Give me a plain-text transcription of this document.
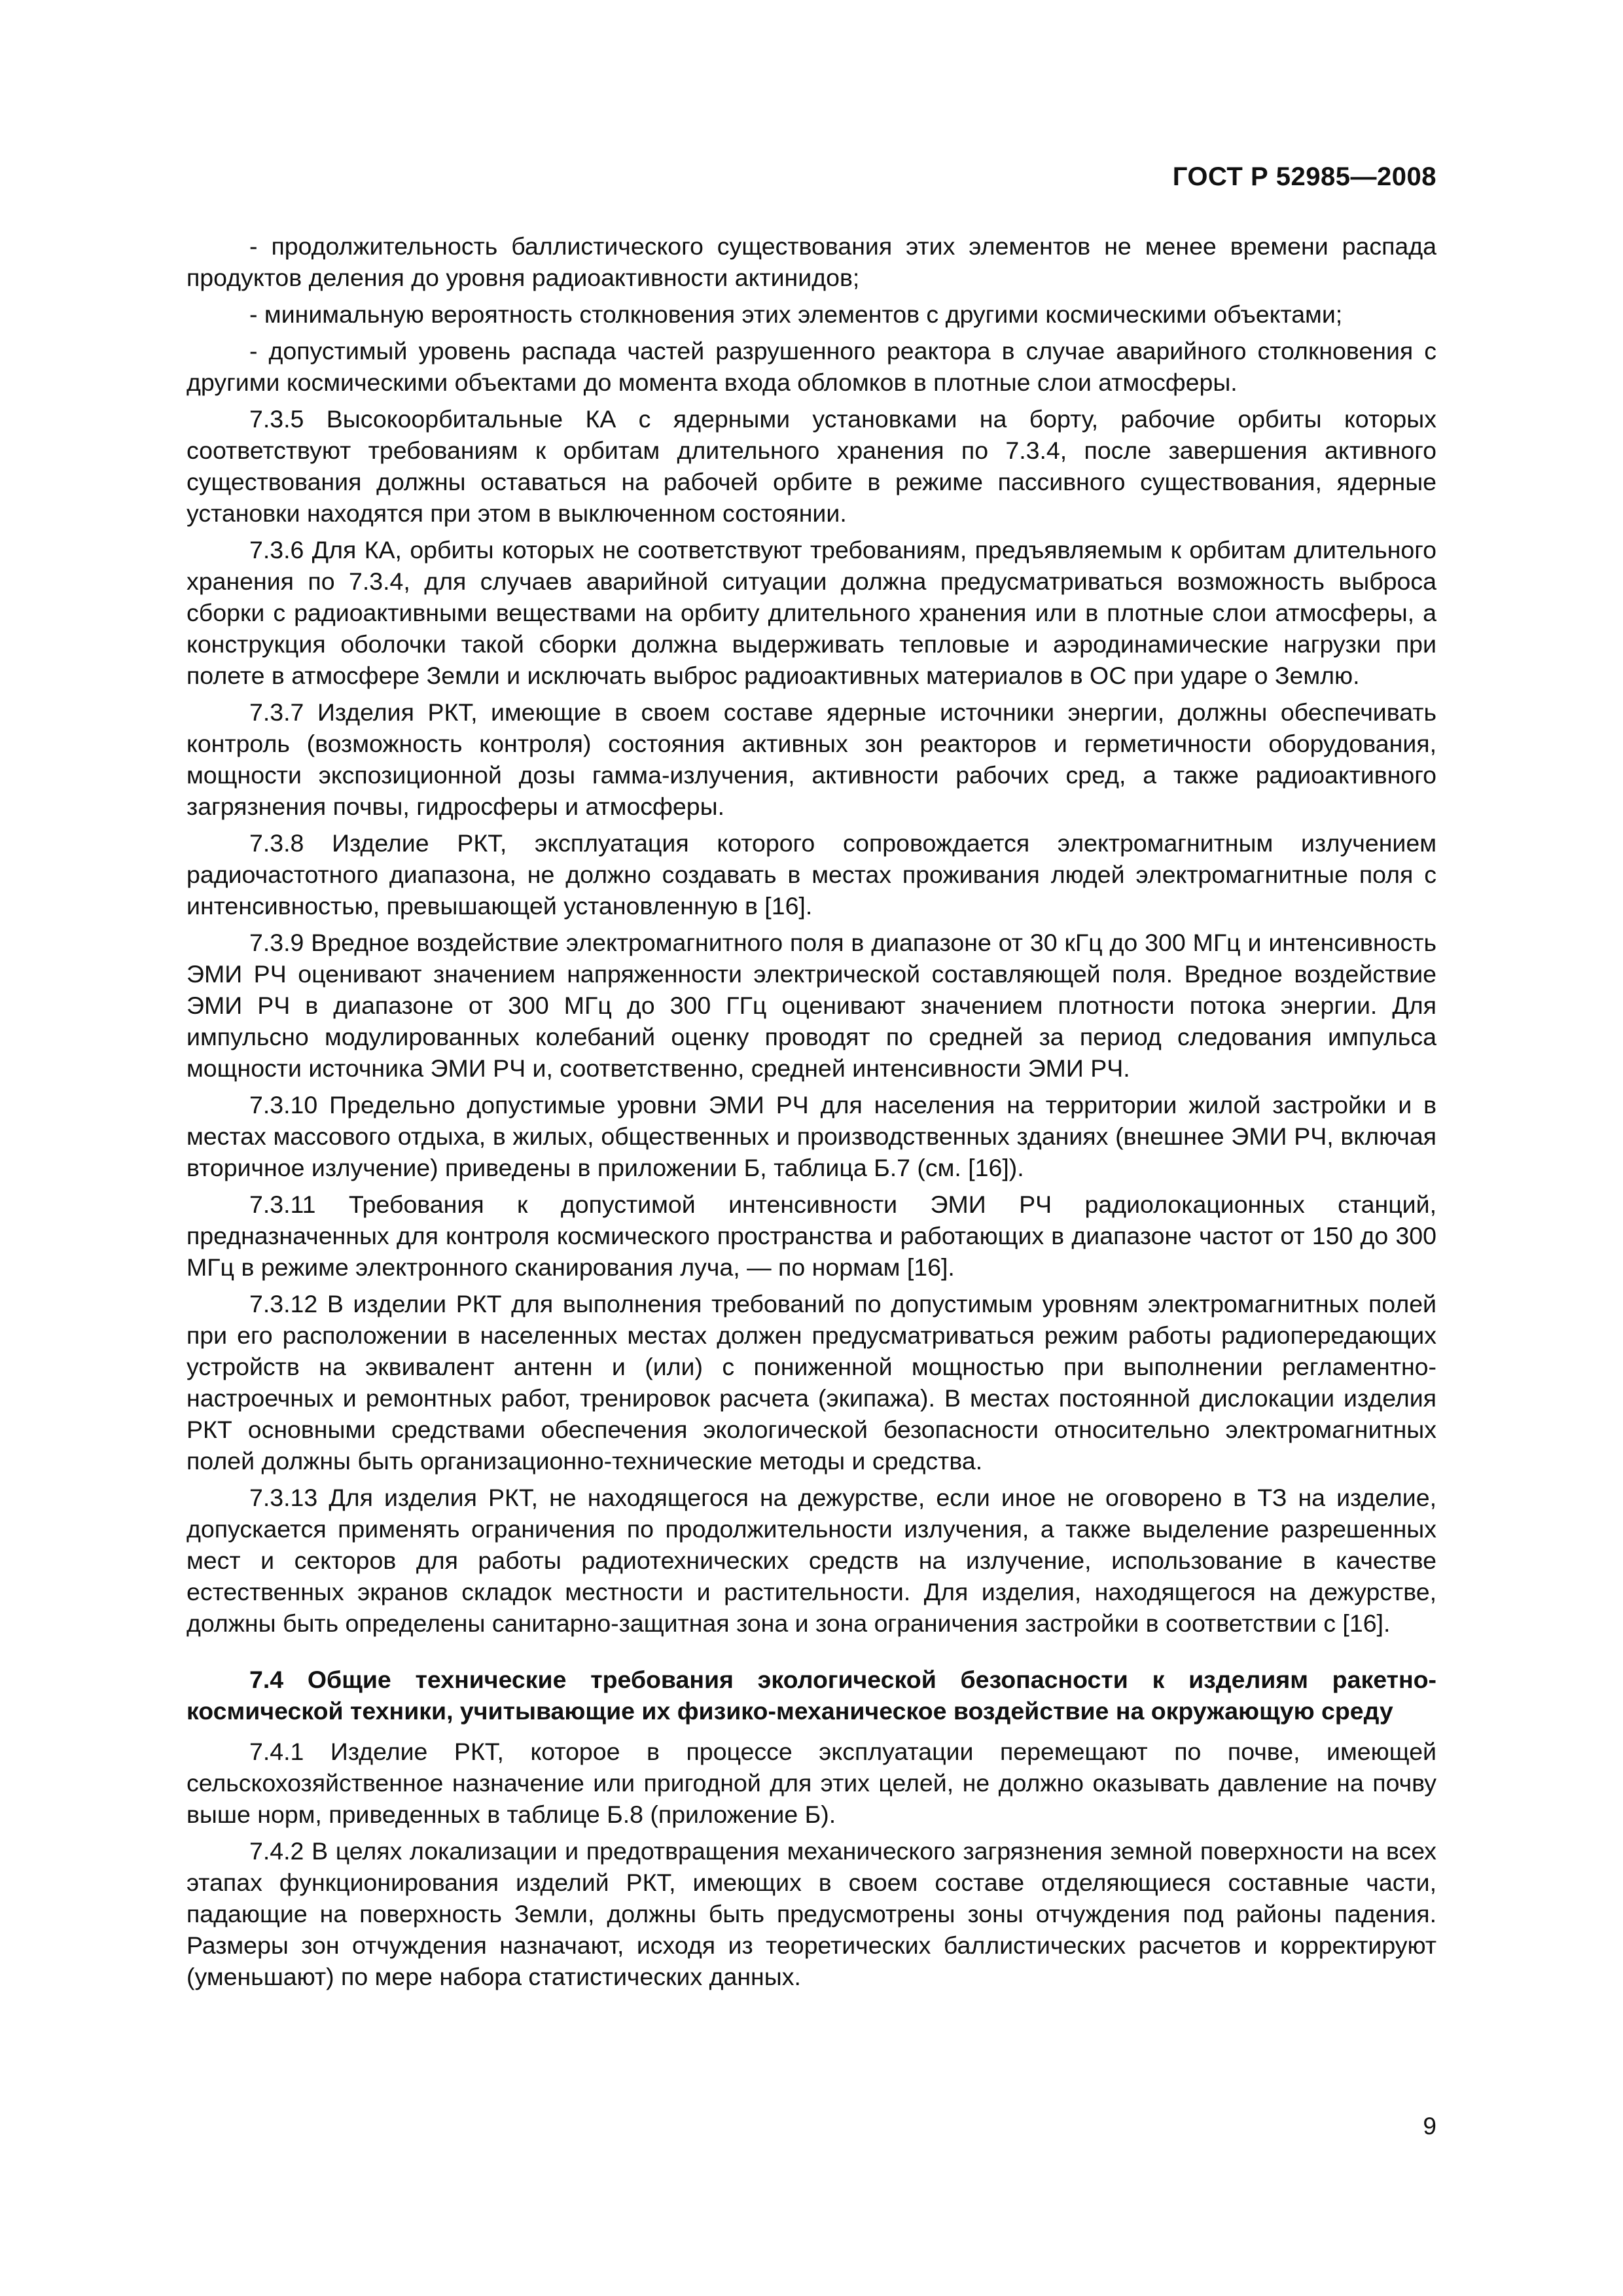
ГОСТ Р 52985—2008

- продолжительность баллистического существования этих элементов не менее времени распада продуктов деления до уровня радиоактивности актинидов;

- минимальную вероятность столкновения этих элементов с другими космическими объектами;

- допустимый уровень распада частей разрушенного реактора в случае аварийного столкновения с другими космическими объектами до момента входа обломков в плотные слои атмосферы.

7.3.5 Высокоорбитальные КА с ядерными установками на борту, рабочие орбиты которых соответствуют требованиям к орбитам длительного хранения по 7.3.4, после завершения активного существования должны оставаться на рабочей орбите в режиме пассивного существования, ядерные установки находятся при этом в выключенном состоянии.

7.3.6 Для КА, орбиты которых не соответствуют требованиям, предъявляемым к орбитам длительного хранения по 7.3.4, для случаев аварийной ситуации должна предусматриваться возможность выброса сборки с радиоактивными веществами на орбиту длительного хранения или в плотные слои атмосферы, а конструкция оболочки такой сборки должна выдерживать тепловые и аэродинамические нагрузки при полете в атмосфере Земли и исключать выброс радиоактивных материалов в ОС при ударе о Землю.

7.3.7 Изделия РКТ, имеющие в своем составе ядерные источники энергии, должны обеспечивать контроль (возможность контроля) состояния активных зон реакторов и герметичности оборудования, мощности экспозиционной дозы гамма-излучения, активности рабочих сред, а также радиоактивного загрязнения почвы, гидросферы и атмосферы.

7.3.8 Изделие РКТ, эксплуатация которого сопровождается электромагнитным излучением радиочастотного диапазона, не должно создавать в местах проживания людей электромагнитные поля с интенсивностью, превышающей установленную в [16].

7.3.9 Вредное воздействие электромагнитного поля в диапазоне от 30 кГц до 300 МГц и интенсивность ЭМИ РЧ оценивают значением напряженности электрической составляющей поля. Вредное воздействие ЭМИ РЧ в диапазоне от 300 МГц до 300 ГГц оценивают значением плотности потока энергии. Для импульсно модулированных колебаний оценку проводят по средней за период следования импульса мощности источника ЭМИ РЧ и, соответственно, средней интенсивности ЭМИ РЧ.

7.3.10 Предельно допустимые уровни ЭМИ РЧ для населения на территории жилой застройки и в местах массового отдыха, в жилых, общественных и производственных зданиях (внешнее ЭМИ РЧ, включая вторичное излучение) приведены в приложении Б, таблица Б.7 (см. [16]).

7.3.11 Требования к допустимой интенсивности ЭМИ РЧ радиолокационных станций, предназначенных для контроля космического пространства и работающих в диапазоне частот от 150 до 300 МГц в режиме электронного сканирования луча, — по нормам [16].

7.3.12 В изделии РКТ для выполнения требований по допустимым уровням электромагнитных полей при его расположении в населенных местах должен предусматриваться режим работы радиопередающих устройств на эквивалент антенн и (или) с пониженной мощностью при выполнении регламентно-настроечных и ремонтных работ, тренировок расчета (экипажа). В местах постоянной дислокации изделия РКТ основными средствами обеспечения экологической безопасности относительно электромагнитных полей должны быть организационно-технические методы и средства.

7.3.13 Для изделия РКТ, не находящегося на дежурстве, если иное не оговорено в ТЗ на изделие, допускается применять ограничения по продолжительности излучения, а также выделение разрешенных мест и секторов для работы радиотехнических средств на излучение, использование в качестве естественных экранов складок местности и растительности. Для изделия, находящегося на дежурстве, должны быть определены санитарно-защитная зона и зона ограничения застройки в соответствии с [16].

7.4 Общие технические требования экологической безопасности к изделиям ракетно-космической техники, учитывающие их физико-механическое воздействие на окружающую среду

7.4.1 Изделие РКТ, которое в процессе эксплуатации перемещают по почве, имеющей сельскохозяйственное назначение или пригодной для этих целей, не должно оказывать давление на почву выше норм, приведенных в таблице Б.8 (приложение Б).

7.4.2 В целях локализации и предотвращения механического загрязнения земной поверхности на всех этапах функционирования изделий РКТ, имеющих в своем составе отделяющиеся составные части, падающие на поверхность Земли, должны быть предусмотрены зоны отчуждения под районы падения. Размеры зон отчуждения назначают, исходя из теоретических баллистических расчетов и корректируют (уменьшают) по мере набора статистических данных.

9
